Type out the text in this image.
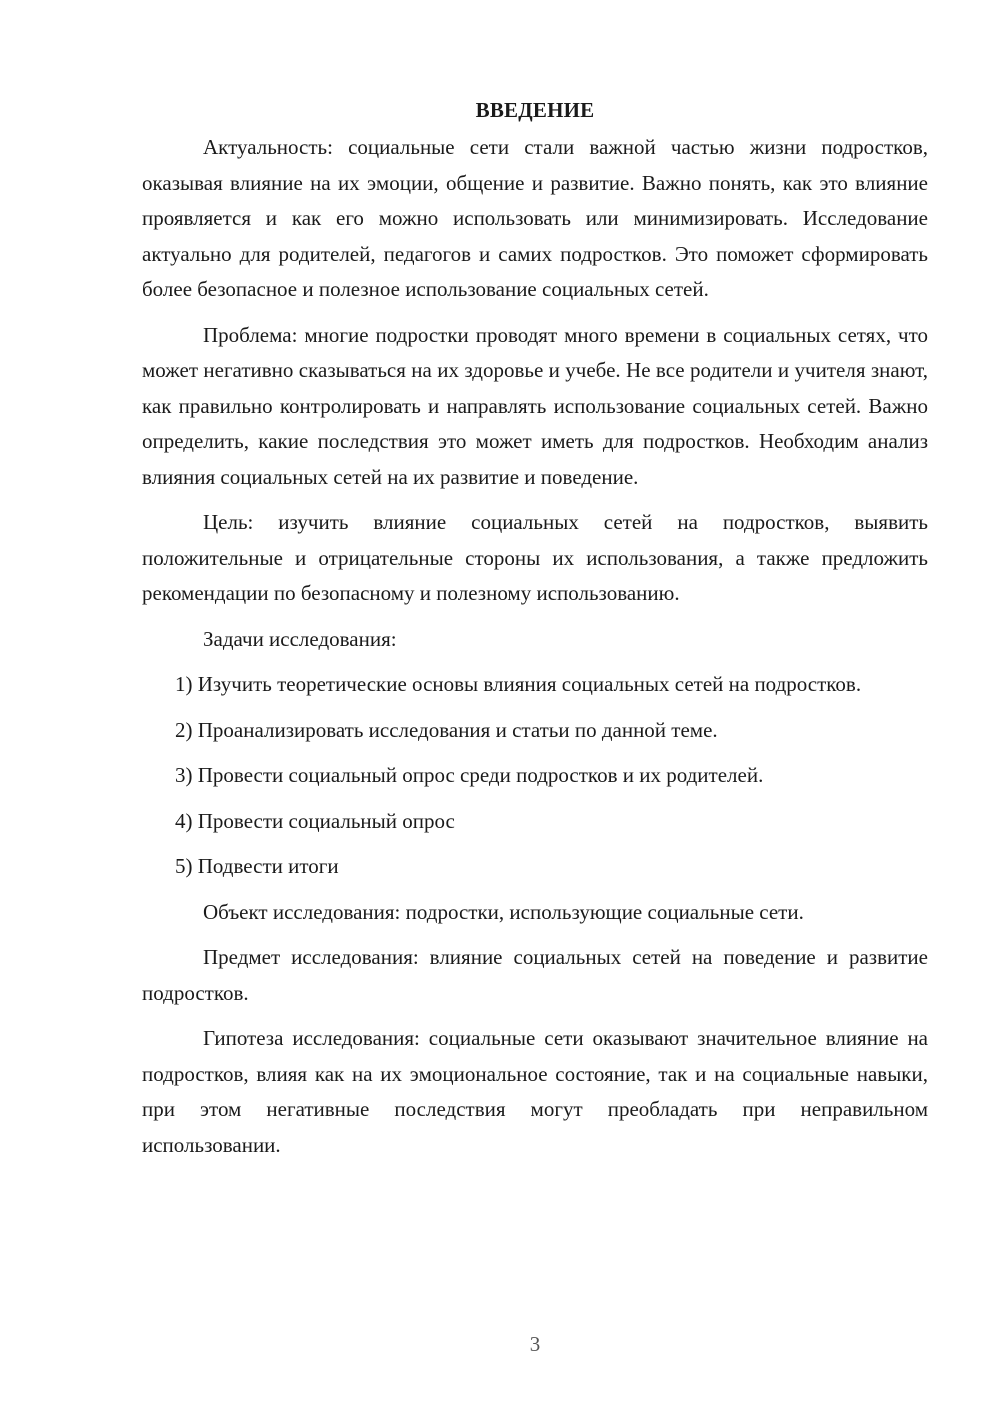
ВВЕДЕНИЕ

Актуальность: социальные сети стали важной частью жизни подростков, оказывая влияние на их эмоции, общение и развитие. Важно понять, как это влияние проявляется и как его можно использовать или минимизировать. Исследование актуально для родителей, педагогов и самих подростков. Это поможет сформировать более безопасное и полезное использование социальных сетей.

Проблема: многие подростки проводят много времени в социальных сетях, что может негативно сказываться на их здоровье и учебе. Не все родители и учителя знают, как правильно контролировать и направлять использование социальных сетей. Важно определить, какие последствия это может иметь для подростков. Необходим анализ влияния социальных сетей на их развитие и поведение.

Цель: изучить влияние социальных сетей на подростков, выявить положительные и отрицательные стороны их использования, а также предложить рекомендации по безопасному и полезному использованию.

Задачи исследования:

1) Изучить теоретические основы влияния социальных сетей на подростков.

2) Проанализировать исследования и статьи по данной теме.

3) Провести социальный опрос среди подростков и их родителей.

4) Провести социальный опрос

5) Подвести итоги

Объект исследования: подростки, использующие социальные сети.

Предмет исследования: влияние социальных сетей на поведение и развитие подростков.

Гипотеза исследования: социальные сети оказывают значительное влияние на подростков, влияя как на их эмоциональное состояние, так и на социальные навыки, при этом негативные последствия могут преобладать при неправильном использовании.

3
